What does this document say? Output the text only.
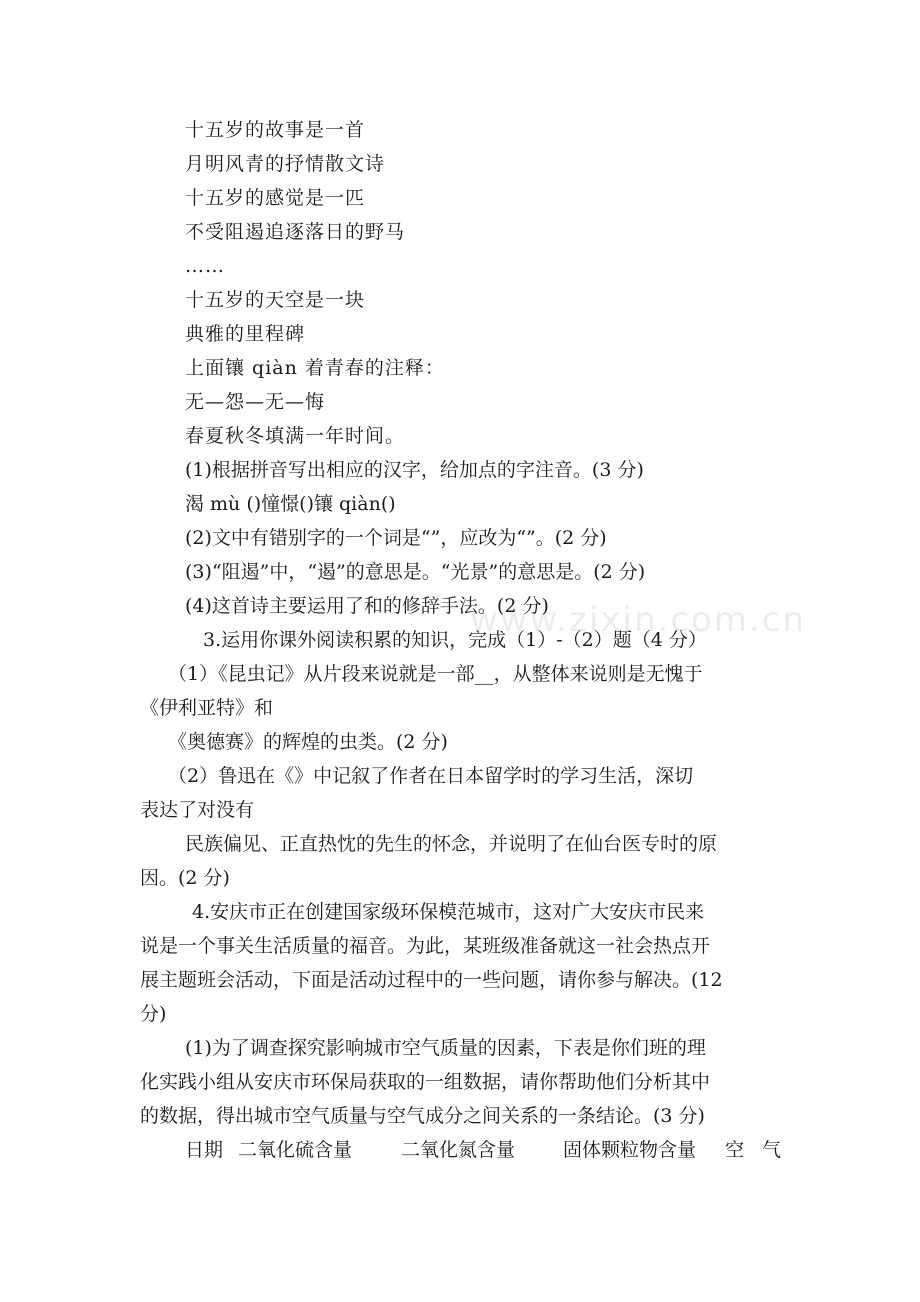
www.zixin.com.cn
十五岁的故事是一首
月明风青的抒情散文诗
十五岁的感觉是一匹
不受阻遏追逐落日的野马
……
十五岁的天空是一块
典雅的里程碑
上面镶 qiàn 着青春的注释：
无—怨—无—悔
春夏秋冬填满一年时间。
(1)根据拼音写出相应的汉字，给加点的字注音。(3 分)
渴 mù ()憧憬()镶 qiàn()
(2)文中有错别字的一个词是“”，应改为“”。(2 分)
(3)“阻遏”中，“遏”的意思是。“光景”的意思是。(2 分)
(4)这首诗主要运用了和的修辞手法。(2 分)
3.运用你课外阅读积累的知识，完成（1）-（2）题（4 分）
（1）《昆虫记》从片段来说就是一部__，从整体来说则是无愧于
《伊利亚特》和
《奥德赛》的辉煌的虫类。(2 分)
（2）鲁迅在《》中记叙了作者在日本留学时的学习生活，深切
表达了对没有
民族偏见、正直热忱的先生的怀念，并说明了在仙台医专时的原
因。(2 分)
4.安庆市正在创建国家级环保模范城市，这对广大安庆市民来
说是一个事关生活质量的福音。为此，某班级准备就这一社会热点开
展主题班会活动，下面是活动过程中的一些问题，请你参与解决。(12
分)
(1)为了调查探究影响城市空气质量的因素，下表是你们班的理
化实践小组从安庆市环保局获取的一组数据，请你帮助他们分析其中
的数据，得出城市空气质量与空气成分之间关系的一条结论。(3 分)
日期 二氧化硫含量	二氧化氮含量	固体颗粒物含量 空 气
